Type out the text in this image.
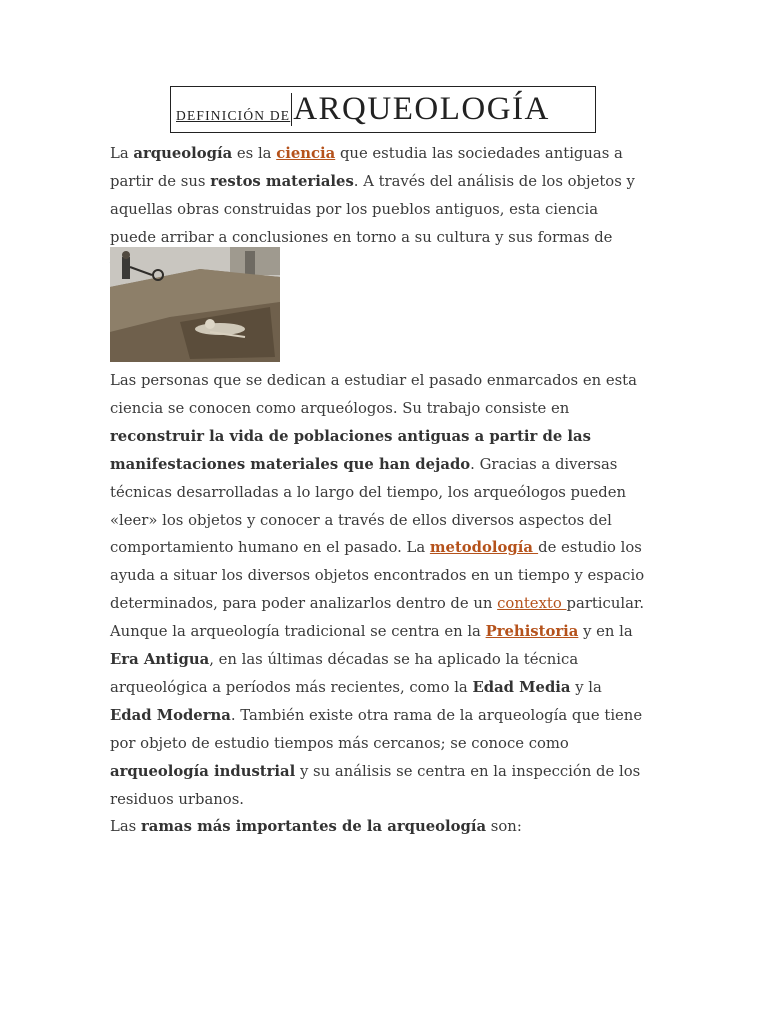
DEFINICIÓN DE ARQUEOLOGÍA

La arqueología es la ciencia que estudia las sociedades antiguas a partir de sus restos materiales. A través del análisis de los objetos y aquellas obras construidas por los pueblos antiguos, esta ciencia puede arribar a conclusiones en torno a su cultura y sus formas de

Las personas que se dedican a estudiar el pasado enmarcados en esta ciencia se conocen como arqueólogos. Su trabajo consiste en reconstruir la vida de poblaciones antiguas a partir de las manifestaciones materiales que han dejado. Gracias a diversas técnicas desarrolladas a lo largo del tiempo, los arqueólogos pueden «leer» los objetos y conocer a través de ellos diversos aspectos del comportamiento humano en el pasado. La metodología de estudio los ayuda a situar los diversos objetos encontrados en un tiempo y espacio determinados, para poder analizarlos dentro de un contexto particular. Aunque la arqueología tradicional se centra en la Prehistoria y en la Era Antigua, en las últimas décadas se ha aplicado la técnica arqueológica a períodos más recientes, como la Edad Media y la Edad Moderna. También existe otra rama de la arqueología que tiene por objeto de estudio tiempos más cercanos; se conoce como arqueología industrial y su análisis se centra en la inspección de los residuos urbanos.

Las ramas más importantes de la arqueología son:
